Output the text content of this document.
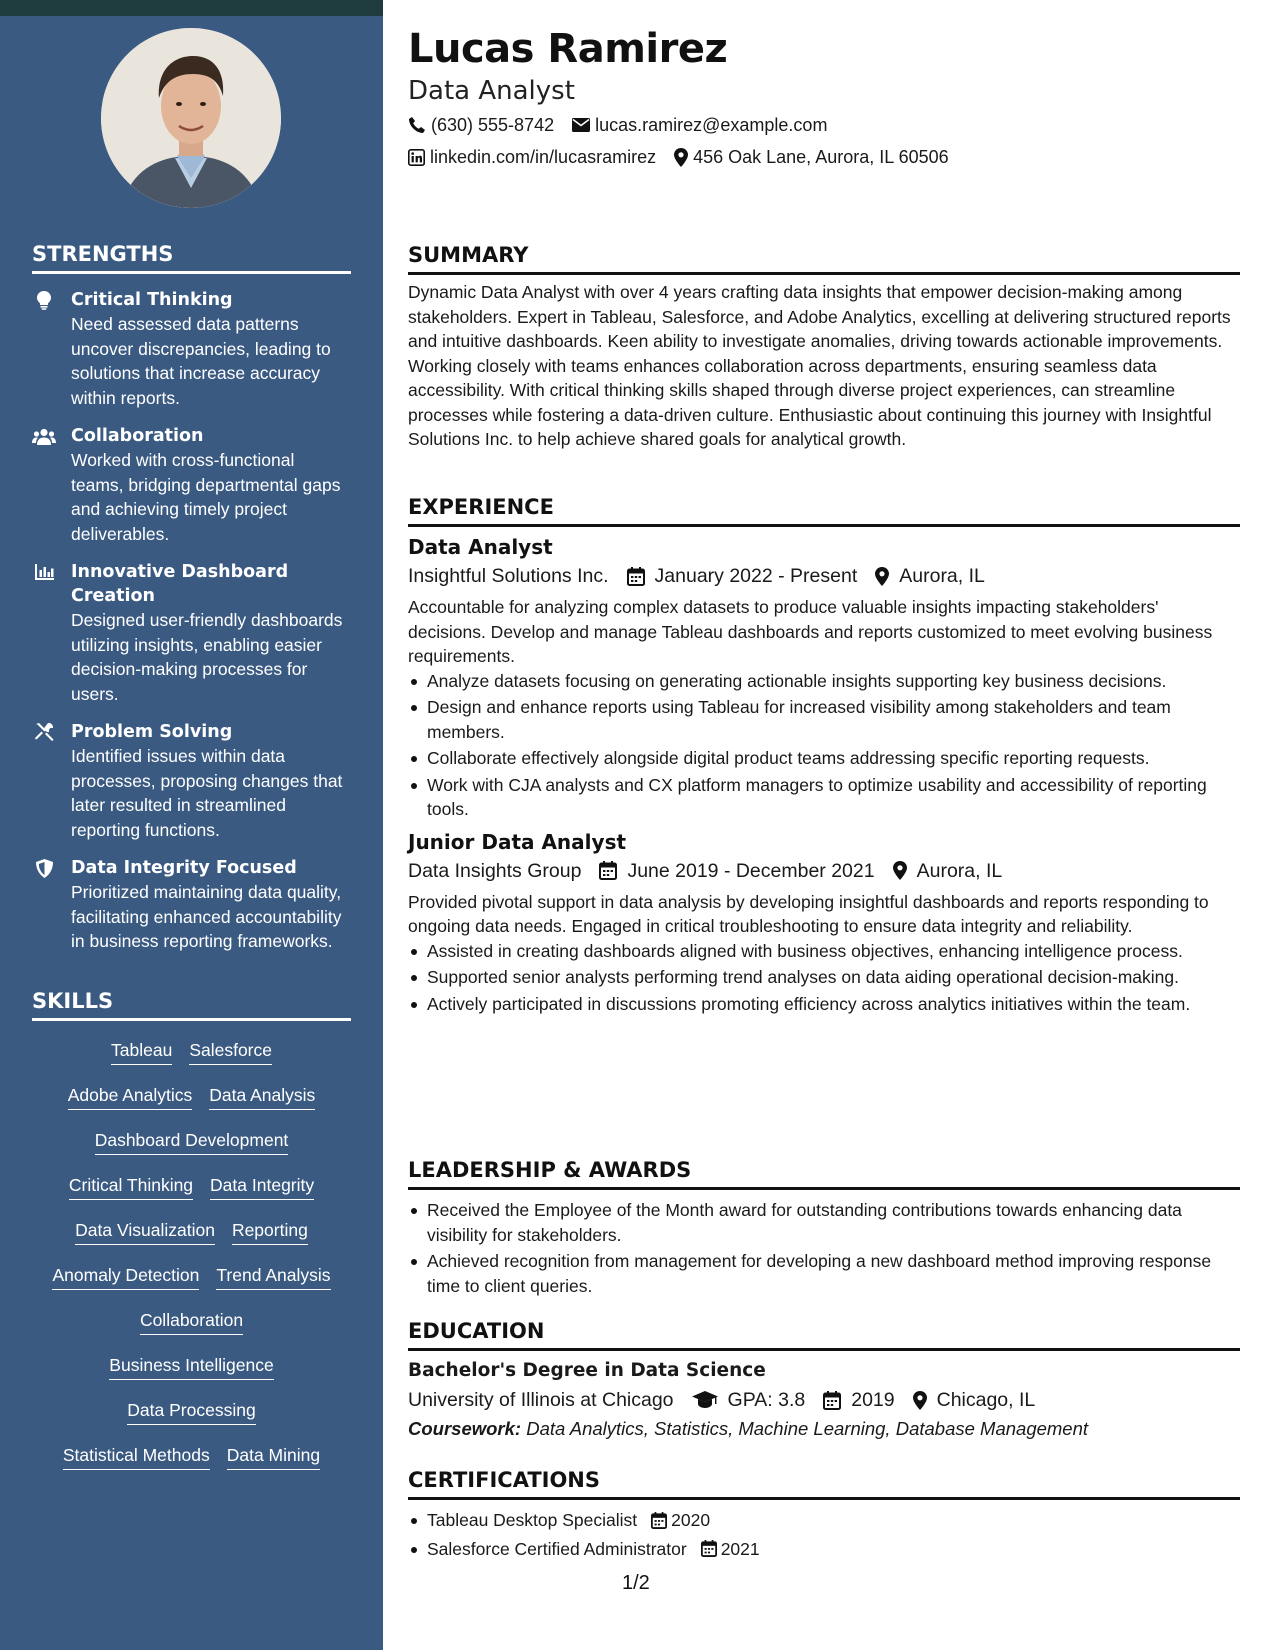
STRENGTHS
Critical Thinking
Need assessed data patterns uncover discrepancies, leading to solutions that increase accuracy within reports.
Collaboration
Worked with cross-functional teams, bridging departmental gaps and achieving timely project deliverables.
Innovative Dashboard Creation
Designed user-friendly dashboards utilizing insights, enabling easier decision-making processes for users.
Problem Solving
Identified issues within data processes, proposing changes that later resulted in streamlined reporting functions.
Data Integrity Focused
Prioritized maintaining data quality, facilitating enhanced accountability in business reporting frameworks.
SKILLS
Tableau Salesforce
Adobe Analytics Data Analysis
Dashboard Development
Critical Thinking Data Integrity
Data Visualization Reporting
Anomaly Detection Trend Analysis
Collaboration
Business Intelligence
Data Processing
Statistical Methods Data Mining
Lucas Ramirez
Data Analyst
(630) 555-8742 lucas.ramirez@example.com
linkedin.com/in/lucasramirez 456 Oak Lane, Aurora, IL 60506
SUMMARY
Dynamic Data Analyst with over 4 years crafting data insights that empower decision-making among stakeholders. Expert in Tableau, Salesforce, and Adobe Analytics, excelling at delivering structured reports and intuitive dashboards. Keen ability to investigate anomalies, driving towards actionable improvements. Working closely with teams enhances collaboration across departments, ensuring seamless data accessibility. With critical thinking skills shaped through diverse project experiences, can streamline processes while fostering a data-driven culture. Enthusiastic about continuing this journey with Insightful Solutions Inc. to help achieve shared goals for analytical growth.
EXPERIENCE
Data Analyst
Insightful Solutions Inc. January 2022 - Present Aurora, IL
Accountable for analyzing complex datasets to produce valuable insights impacting stakeholders' decisions. Develop and manage Tableau dashboards and reports customized to meet evolving business requirements.
Analyze datasets focusing on generating actionable insights supporting key business decisions.
Design and enhance reports using Tableau for increased visibility among stakeholders and team members.
Collaborate effectively alongside digital product teams addressing specific reporting requests.
Work with CJA analysts and CX platform managers to optimize usability and accessibility of reporting tools.
Junior Data Analyst
Data Insights Group June 2019 - December 2021 Aurora, IL
Provided pivotal support in data analysis by developing insightful dashboards and reports responding to ongoing data needs. Engaged in critical troubleshooting to ensure data integrity and reliability.
Assisted in creating dashboards aligned with business objectives, enhancing intelligence process.
Supported senior analysts performing trend analyses on data aiding operational decision-making.
Actively participated in discussions promoting efficiency across analytics initiatives within the team.
LEADERSHIP & AWARDS
Received the Employee of the Month award for outstanding contributions towards enhancing data visibility for stakeholders.
Achieved recognition from management for developing a new dashboard method improving response time to client queries.
EDUCATION
Bachelor's Degree in Data Science
University of Illinois at Chicago	GPA: 3.8 2019 Chicago, IL
Coursework: Data Analytics, Statistics, Machine Learning, Database Management
CERTIFICATIONS
Tableau Desktop Specialist 2020
Salesforce Certified Administrator 2021
1/2
